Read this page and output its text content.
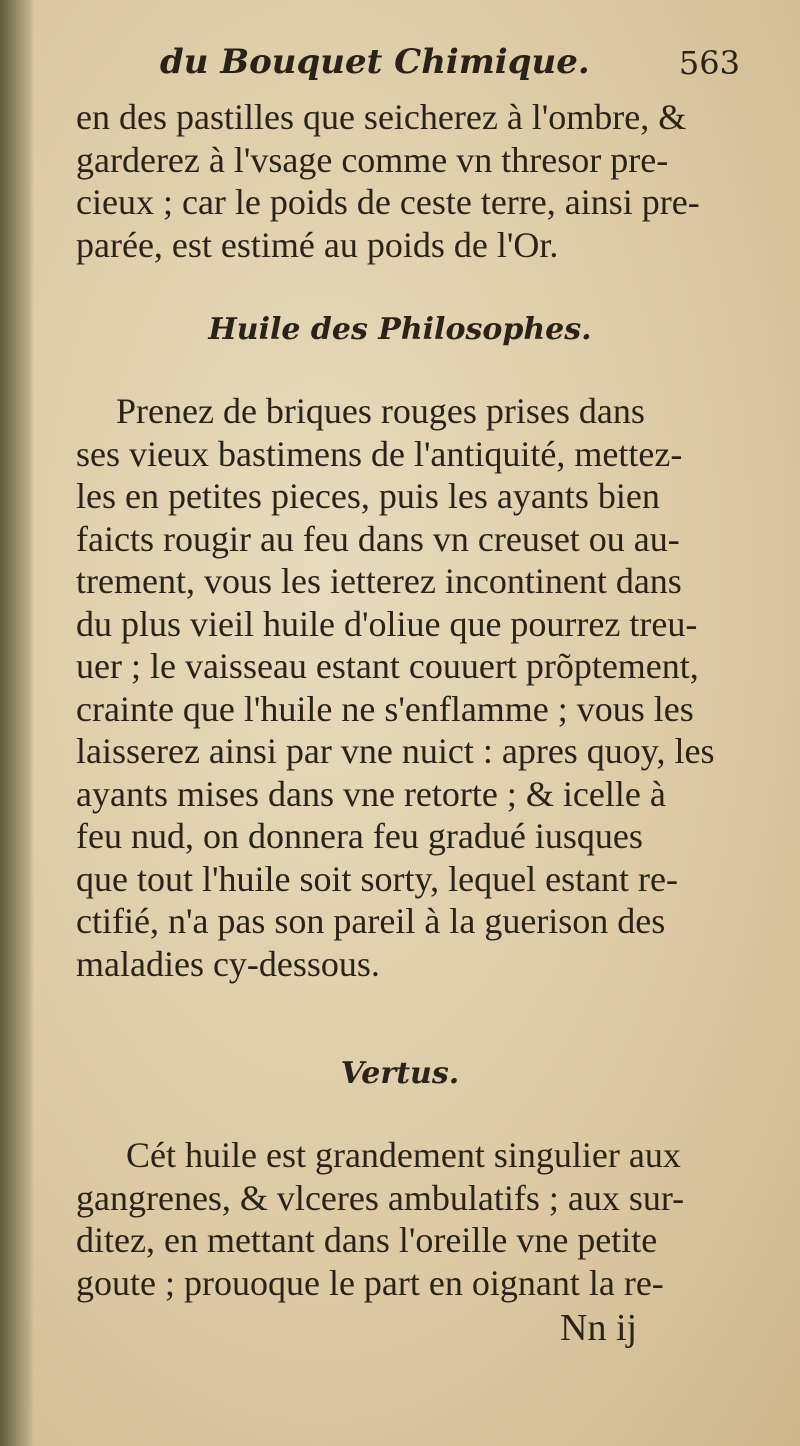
du Bouquet Chimique.	563
en des pastilles que seicherez à l'ombre, &
garderez à l'vsage comme vn thresor pre-
cieux ; car le poids de ceste terre, ainsi pre-
parée, est estimé au poids de l'Or.
Huile des Philosophes.
Prenez de briques rouges prises dans
ses vieux bastimens de l'antiquité, mettez-
les en petites pieces, puis les ayants bien
faicts rougir au feu dans vn creuset ou au-
trement, vous les ietterez incontinent dans
du plus vieil huile d'oliue que pourrez treu-
uer ; le vaisseau estant couuert prõptement,
crainte que l'huile ne s'enflamme ; vous les
laisserez ainsi par vne nuict : apres quoy, les
ayants mises dans vne retorte ; & icelle à
feu nud, on donnera feu gradué iusques
que tout l'huile soit sorty, lequel estant re-
ctifié, n'a pas son pareil à la guerison des
maladies cy-dessous.
Vertus.
Cét huile est grandement singulier aux
gangrenes, & vlceres ambulatifs ; aux sur-
ditez, en mettant dans l'oreille vne petite
goute ; prouoque le part en oignant la re-
Nn ij
